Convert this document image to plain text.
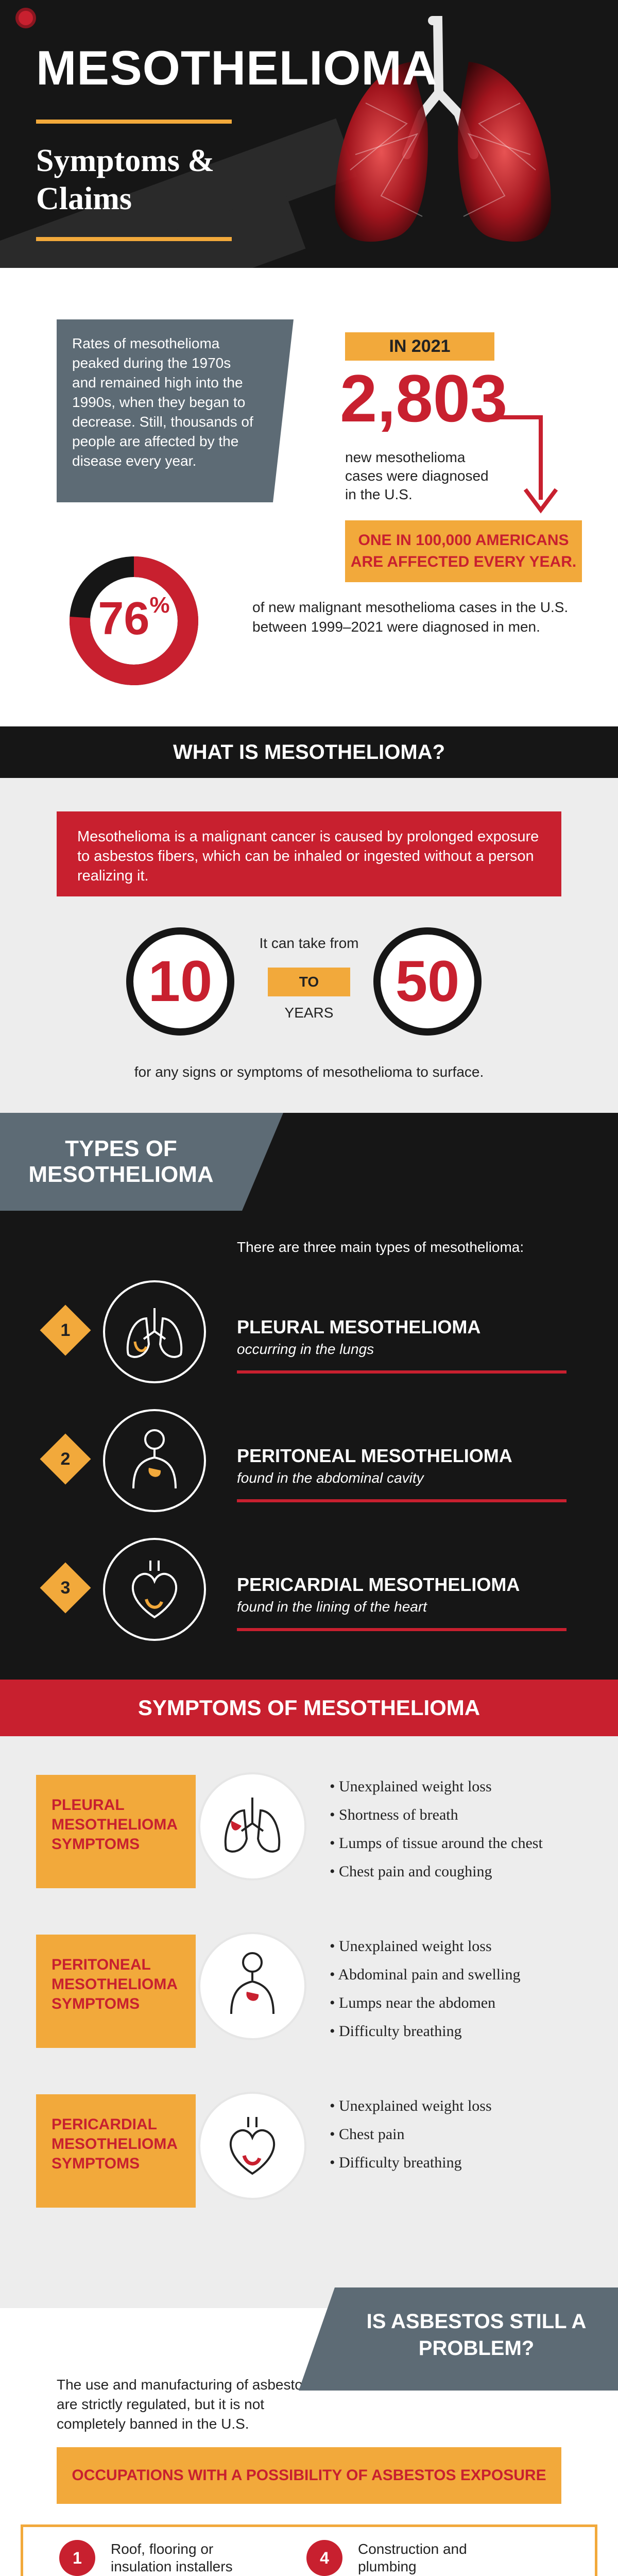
MESOTHELIOMA
Symptoms & Claims
Rates of mesothelioma peaked during the 1970s and remained high into the 1990s, when they began to decrease. Still, thousands of people are affected by the disease every year.
IN 2021
2,803
new mesothelioma cases were diagnosed in the U.S.
ONE IN 100,000 AMERICANS ARE AFFECTED EVERY YEAR.
76%	of new malignant mesothelioma cases in the U.S. between 1999–2021 were diagnosed in men.
WHAT IS MESOTHELIOMA?
Mesothelioma is a malignant cancer is caused by prolonged exposure to asbestos fibers, which can be inhaled or ingested without a person realizing it.
10	50
It can take from
TO
YEARS
for any signs or symptoms of mesothelioma to surface.
TYPES OF MESOTHELIOMA
There are three main types of mesothelioma:
1	PLEURAL MESOTHELIOMA
occurring in the lungs
2	PERITONEAL MESOTHELIOMA
found in the abdominal cavity
3	PERICARDIAL MESOTHELIOMA
found in the lining of the heart
SYMPTOMS OF MESOTHELIOMA
PLEURAL MESOTHELIOMA SYMPTOMS
• Unexplained weight loss
• Shortness of breath
• Lumps of tissue around the chest
• Chest pain and coughing
PERITONEAL MESOTHELIOMA SYMPTOMS
• Unexplained weight loss
• Abdominal pain and swelling
• Lumps near the abdomen
• Difficulty breathing
PERICARDIAL MESOTHELIOMA SYMPTOMS
• Unexplained weight loss
• Chest pain
• Difficulty breathing
The use and manufacturing of asbestos are strictly regulated, but it is not completely banned in the U.S.
OCCUPATIONS WITH A POSSIBILITY OF ASBESTOS EXPOSURE
1	Roof, flooring or insulation installers	4	Construction and plumbing
IS ASBESTOS STILL A PROBLEM?
